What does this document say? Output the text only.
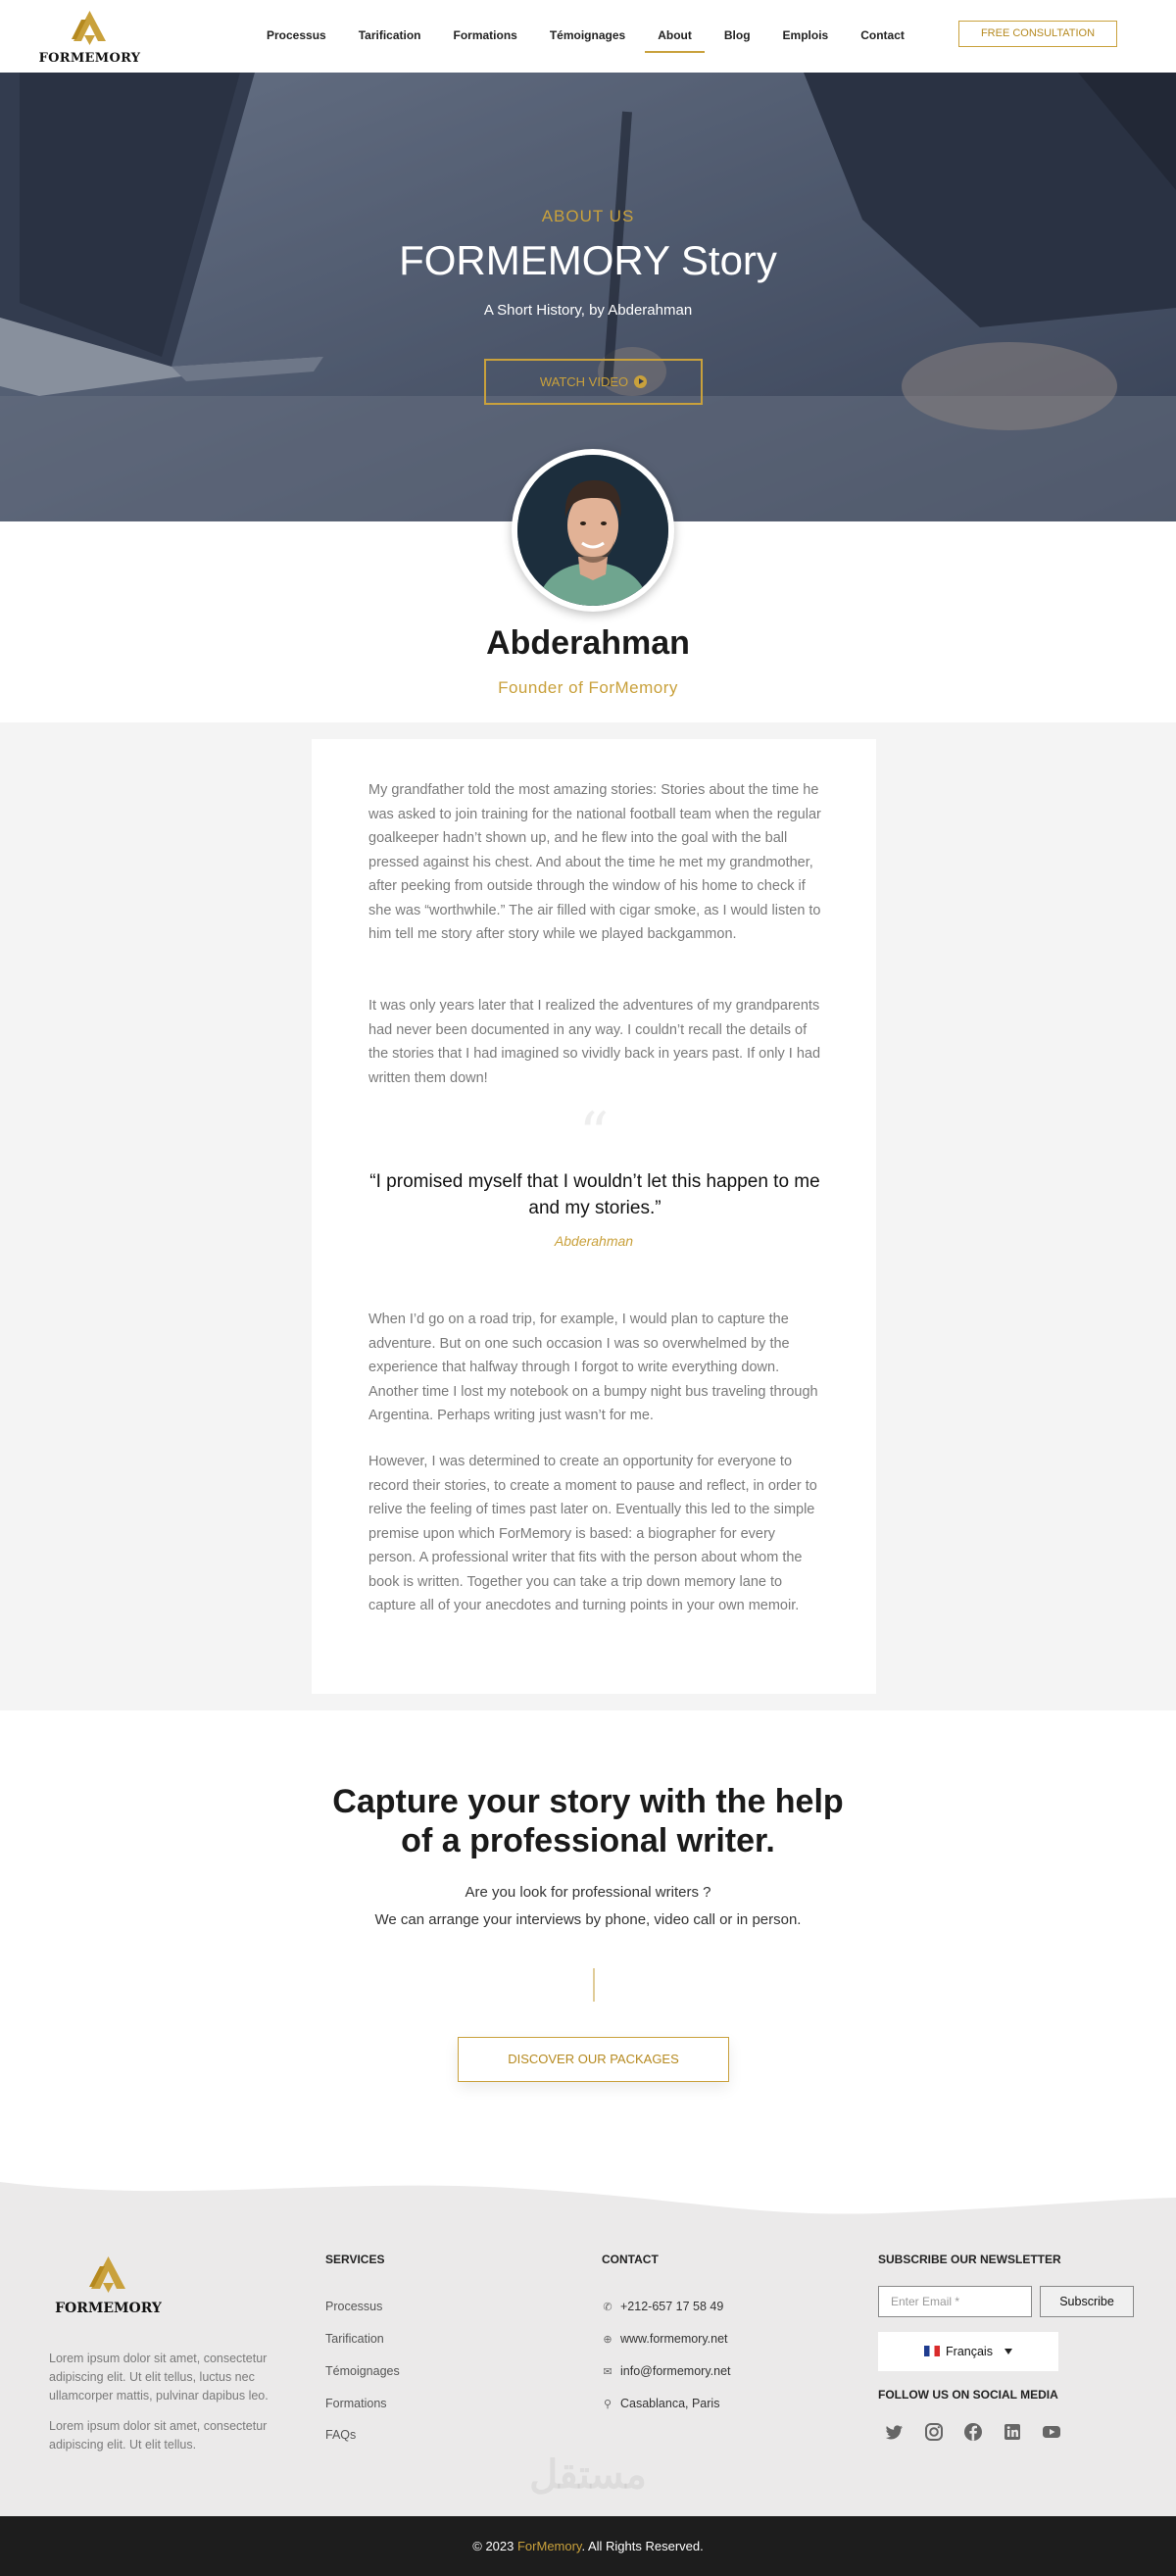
FORMEMORY
Processus	Tarification	Formations	Témoignages	About	Blog	Emplois	Contact	FREE CONSULTATION
ABOUT US
FORMEMORY Story
A Short History, by Abderahman
WATCH VIDEO
Abderahman
Founder of ForMemory

My grandfather told the most amazing stories: Stories about the time he was asked to join training for the national football team when the regular goalkeeper hadn’t shown up, and he flew into the goal with the ball pressed against his chest. And about the time he met my grandmother, after peeking from outside through the window of his home to check if she was “worthwhile.” The air filled with cigar smoke, as I would listen to him tell me story after story while we played backgammon.

It was only years later that I realized the adventures of my grandparents had never been documented in any way. I couldn’t recall the details of the stories that I had imagined so vividly back in years past. If only I had written them down!

“
“I promised myself that I wouldn’t let this happen to me and my stories.”
Abderahman

When I’d go on a road trip, for example, I would plan to capture the adventure. But on one such occasion I was so overwhelmed by the experience that halfway through I forgot to write everything down. Another time I lost my notebook on a bumpy night bus traveling through Argentina. Perhaps writing just wasn’t for me.

However, I was determined to create an opportunity for everyone to record their stories, to create a moment to pause and reflect, in order to relive the feeling of times past later on. Eventually this led to the simple premise upon which ForMemory is based: a biographer for every person. A professional writer that fits with the person about whom the book is written. Together you can take a trip down memory lane to capture all of your anecdotes and turning points in your own memoir.

Capture your story with the help
of a professional writer.
Are you look for professional writers ?
We can arrange your interviews by phone, video call or in person.
DISCOVER OUR PACKAGES
FORMEMORY

Lorem ipsum dolor sit amet, consectetur adipiscing elit. Ut elit tellus, luctus nec ullamcorper mattis, pulvinar dapibus leo.

Lorem ipsum dolor sit amet, consectetur adipiscing elit. Ut elit tellus.

SERVICES
Processus
Tarification
Témoignages
Formations
FAQs
CONTACT
✆ +212-657 17 58 49
⊕ www.formemory.net
✉ info@formemory.net
⚲ Casablanca, Paris
SUBSCRIBE OUR NEWSLETTER
Enter Email *	Subscribe
Français
FOLLOW US ON SOCIAL MEDIA
مستقل
© 2023 ForMemory. All Rights Reserved.
